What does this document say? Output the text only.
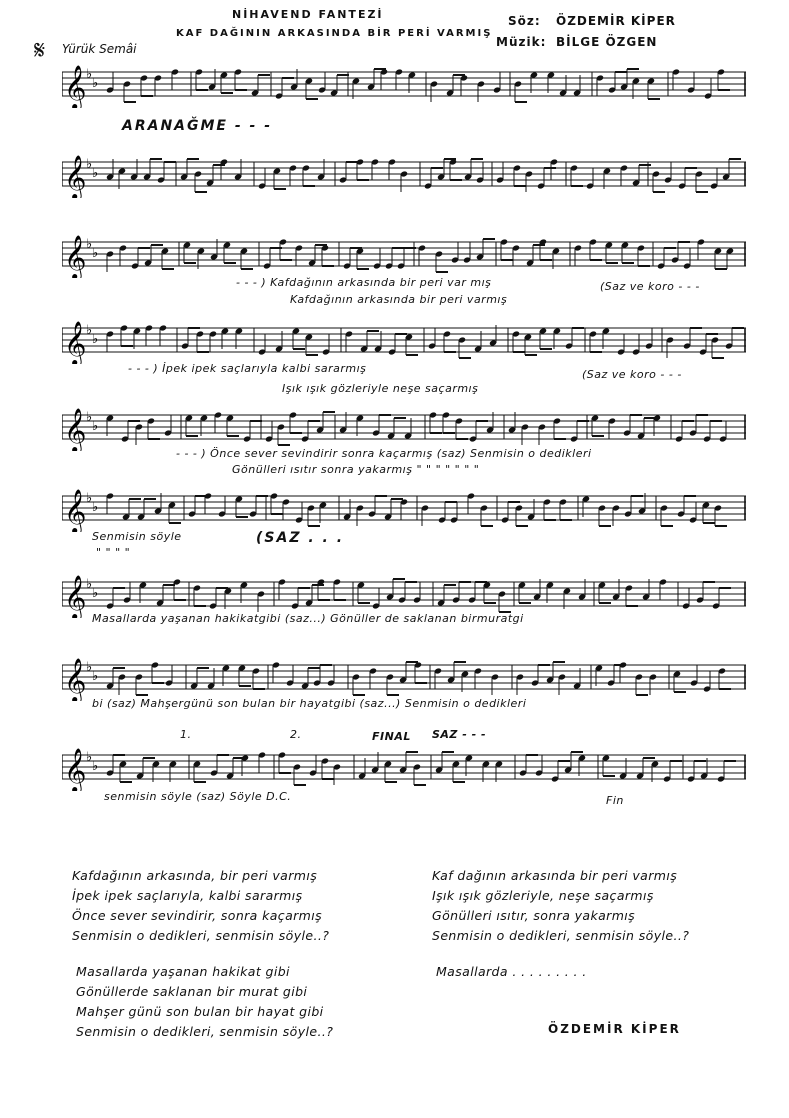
NİHAVEND FANTEZİ
KAF DAĞININ ARKASINDA BİR PERİ VARMIŞ
Söz: ÖZDEMİR KİPER
Müzik: BİLGE ÖZGEN
𝄋 Yürük Semâi
𝄞 ♭
♭
ARANAĞME - - -
𝄞 ♭
♭
𝄞 ♭
♭
- - - ) Kafdağının arkasında bir peri var mış	(Saz ve koro - - -
Kafdağının arkasında bir peri varmış
𝄞 ♭
♭
- - - ) İpek ipek saçlarıyla kalbi sararmış	(Saz ve koro - - -
Işık ışık gözleriyle neşe saçarmış
𝄞 ♭
♭
- - - ) Önce sever sevindirir sonra kaçarmış (saz) Senmisin o dedikleri
Gönülleri ısıtır sonra yakarmış " " " " " " "
𝄞 ♭
♭
Senmisin söyle	(SAZ . . .
" " " "
𝄞 ♭
♭
Masallarda yaşanan hakikatgibi (saz...) Gönüller de saklanan birmuratgi
𝄞 ♭
♭
bi (saz) Mahşergünü son bulan bir hayatgibi (saz...) Senmisin o dedikleri
1.	2.	FINAL SAZ - - -
𝄞 ♭
♭
senmisin söyle (saz) Söyle D.C.	Fin
Kafdağının arkasında, bir peri varmış
İpek ipek saçlarıyla, kalbi sararmış
Önce sever sevindirir, sonra kaçarmış
Senmisin o dedikleri, senmisin söyle..?
Kaf dağının arkasında bir peri varmış
Işık ışık gözleriyle, neşe saçarmış
Gönülleri ısıtır, sonra yakarmış
Senmisin o dedikleri, senmisin söyle..?
Masallarda yaşanan hakikat gibi
Gönüllerde saklanan bir murat gibi
Mahşer günü son bulan bir hayat gibi
Senmisin o dedikleri, senmisin söyle..?
Masallarda . . . . . . . . .
ÖZDEMİR KİPER
